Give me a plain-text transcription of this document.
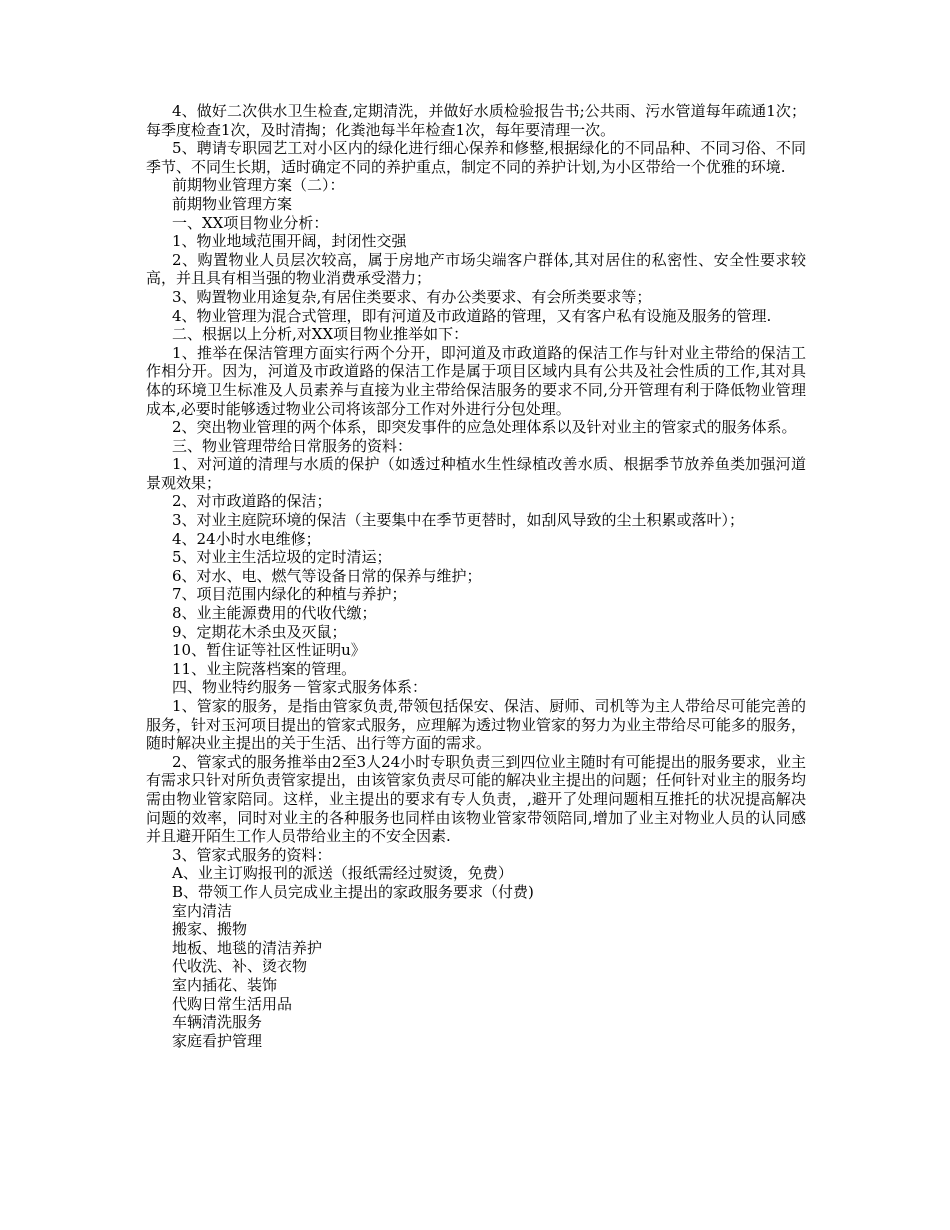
4、做好二次供水卫生检查,定期清洗，并做好水质检验报告书;公共雨、污水管道每年疏通1次；每季度检查1次，及时清掏；化粪池每半年检查1次，每年要清理一次。

5、聘请专职园艺工对小区内的绿化进行细心保养和修整,根据绿化的不同品种、不同习俗、不同季节、不同生长期，适时确定不同的养护重点，制定不同的养护计划,为小区带给一个优雅的环境.

前期物业管理方案（二）：

前期物业管理方案

一、XX项目物业分析：

1、物业地域范围开阔，封闭性交强

2、购置物业人员层次较高，属于房地产市场尖端客户群体,其对居住的私密性、安全性要求较高，并且具有相当强的物业消费承受潜力；

3、购置物业用途复杂,有居住类要求、有办公类要求、有会所类要求等；

4、物业管理为混合式管理，即有河道及市政道路的管理，又有客户私有设施及服务的管理.

二、根据以上分析,对XX项目物业推举如下：

1、推举在保洁管理方面实行两个分开，即河道及市政道路的保洁工作与针对业主带给的保洁工作相分开。因为，河道及市政道路的保洁工作是属于项目区域内具有公共及社会性质的工作,其对具体的环境卫生标准及人员素养与直接为业主带给保洁服务的要求不同,分开管理有利于降低物业管理成本,必要时能够透过物业公司将该部分工作对外进行分包处理。

2、突出物业管理的两个体系，即突发事件的应急处理体系以及针对业主的管家式的服务体系。

三、物业管理带给日常服务的资料：

1、对河道的清理与水质的保护（如透过种植水生性绿植改善水质、根据季节放养鱼类加强河道景观效果；

2、对市政道路的保洁；

3、对业主庭院环境的保洁（主要集中在季节更替时，如刮风导致的尘土积累或落叶）；

4、24小时水电维修；

5、对业主生活垃圾的定时清运；

6、对水、电、燃气等设备日常的保养与维护；

7、项目范围内绿化的种植与养护；

8、业主能源费用的代收代缴；

9、定期花木杀虫及灭鼠；

10、暂住证等社区性证明u》

11、业主院落档案的管理。

四、物业特约服务－管家式服务体系：

1、管家的服务，是指由管家负责,带领包括保安、保洁、厨师、司机等为主人带给尽可能完善的服务，针对玉河项目提出的管家式服务，应理解为透过物业管家的努力为业主带给尽可能多的服务，随时解决业主提出的关于生活、出行等方面的需求。

2、管家式的服务推举由2至3人24小时专职负责三到四位业主随时有可能提出的服务要求，业主有需求只针对所负责管家提出，由该管家负责尽可能的解决业主提出的问题；任何针对业主的服务均需由物业管家陪同。这样，业主提出的要求有专人负责，,避开了处理问题相互推托的状况提高解决问题的效率，同时对业主的各种服务也同样由该物业管家带领陪同,增加了业主对物业人员的认同感并且避开陌生工作人员带给业主的不安全因素.

3、管家式服务的资料：

A、业主订购报刊的派送（报纸需经过熨烫，免费）

B、带领工作人员完成业主提出的家政服务要求（付费)

室内清洁

搬家、搬物

地板、地毯的清洁养护

代收洗、补、烫衣物

室内插花、装饰

代购日常生活用品

车辆清洗服务

家庭看护管理
